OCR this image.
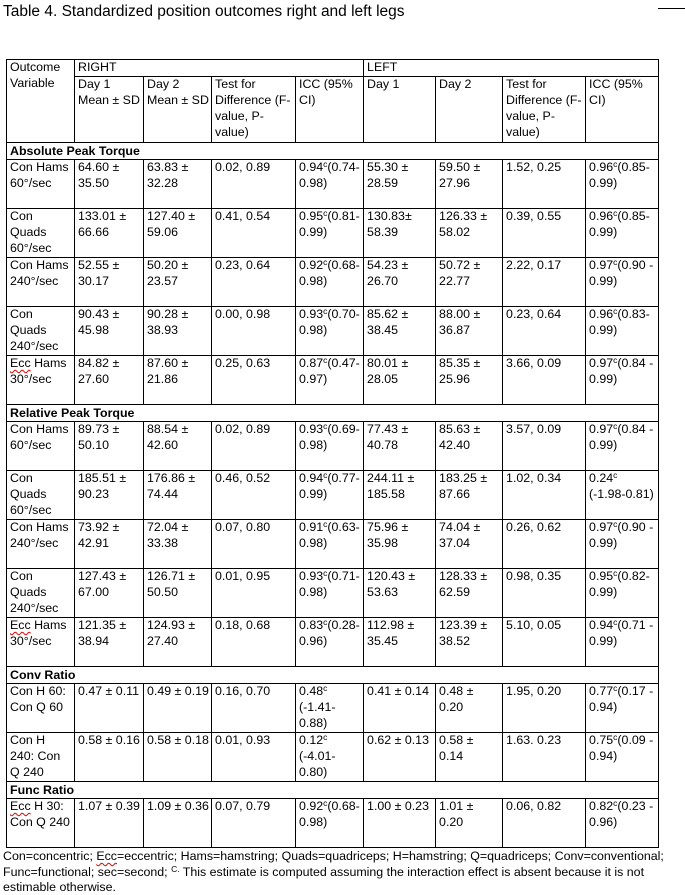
Table 4. Standardized position outcomes right and left legs
Outcome Variable	RIGHT				LEFT			
	Day 1 Mean ± SD	Day 2 Mean ± SD	Test for Difference (F-value, P-value)	ICC (95% CI)	Day 1	Day 2	Test for Difference (F-value, P-value)	ICC (95% CI)
Absolute Peak Torque								
Con Hams 60°/sec	64.60 ± 35.50	63.83 ± 32.28	0.02, 0.89	0.94$^c$(0.74-0.98)	55.30 ± 28.59	59.50 ± 27.96	1.52, 0.25	0.96$^c$(0.85-0.99)
Con Quads 60°/sec	133.01 ± 66.66	127.40 ± 59.06	0.41, 0.54	0.95$^c$(0.81-0.99)	130.83± 58.39	126.33 ± 58.02	0.39, 0.55	0.96$^c$(0.85-0.99)
Con Hams 240°/sec	52.55 ± 30.17	50.20 ± 23.57	0.23, 0.64	0.92$^c$(0.68-0.98)	54.23 ± 26.70	50.72 ± 22.77	2.22, 0.17	0.97$^c$(0.90 - 0.99)
Con Quads 240°/sec	90.43 ± 45.98	90.28 ± 38.93	0.00, 0.98	0.93$^c$(0.70-0.98)	85.62 ± 38.45	88.00 ± 36.87	0.23, 0.64	0.96$^c$(0.83-0.99)
Ecc Hams 30°/sec	84.82 ± 27.60	87.60 ± 21.86	0.25, 0.63	0.87$^c$(0.47-0.97)	80.01 ± 28.05	85.35 ± 25.96	3.66, 0.09	0.97$^c$(0.84 - 0.99)
Relative Peak Torque								
Con Hams 60°/sec	89.73 ± 50.10	88.54 ± 42.60	0.02, 0.89	0.93$^c$(0.69-0.98)	77.43 ± 40.78	85.63 ± 42.40	3.57, 0.09	0.97$^c$(0.84 - 0.99)
Con Quads 60°/sec	185.51 ± 90.23	176.86 ± 74.44	0.46, 0.52	0.94$^c$(0.77-0.99)	244.11 ± 185.58	183.25 ± 87.66	1.02, 0.34	0.24$^c$ (-1.98-0.81)
Con Hams 240°/sec	73.92 ± 42.91	72.04 ± 33.38	0.07, 0.80	0.91$^c$(0.63-0.98)	75.96 ± 35.98	74.04 ± 37.04	0.26, 0.62	0.97$^c$(0.90 - 0.99)
Con Quads 240°/sec	127.43 ± 67.00	126.71 ± 50.50	0.01, 0.95	0.93$^c$(0.71-0.98)	120.43 ± 53.63	128.33 ± 62.59	0.98, 0.35	0.95$^c$(0.82-0.99)
Ecc Hams 30°/sec	121.35 ± 38.94	124.93 ± 27.40	0.18, 0.68	0.83$^c$(0.28-0.96)	112.98 ± 35.45	123.39 ± 38.52	5.10, 0.05	0.94$^c$(0.71 - 0.99)
Conv Ratio								
Con H 60: Con Q 60	0.47 ± 0.11	0.49 ± 0.19	0.16, 0.70	0.48$^c$ (-1.41-0.88)	0.41 ± 0.14	0.48 ± 0.20	1.95, 0.20	0.77$^c$(0.17 - 0.94)
Con H 240: Con Q 240	0.58 ± 0.16	0.58 ± 0.18	0.01, 0.93	0.12$^c$ (-4.01-0.80)	0.62 ± 0.13	0.58 ± 0.14	1.63. 0.23	0.75$^c$(0.09 - 0.94)
Func Ratio								
Ecc H 30: Con Q 240	1.07 ± 0.39	1.09 ± 0.36	0.07, 0.79	0.92$^c$(0.68-0.98)	1.00 ± 0.23	1.01 ± 0.20	0.06, 0.82	0.82$^c$(0.23 - 0.96)
Con=concentric; Ecc=eccentric; Hams=hamstring; Quads=quadriceps; H=hamstring; Q=quadriceps; Conv=conventional; Func=functional; sec=second; $^{C.}$ This estimate is computed assuming the interaction effect is absent because it is not estimable otherwise.
